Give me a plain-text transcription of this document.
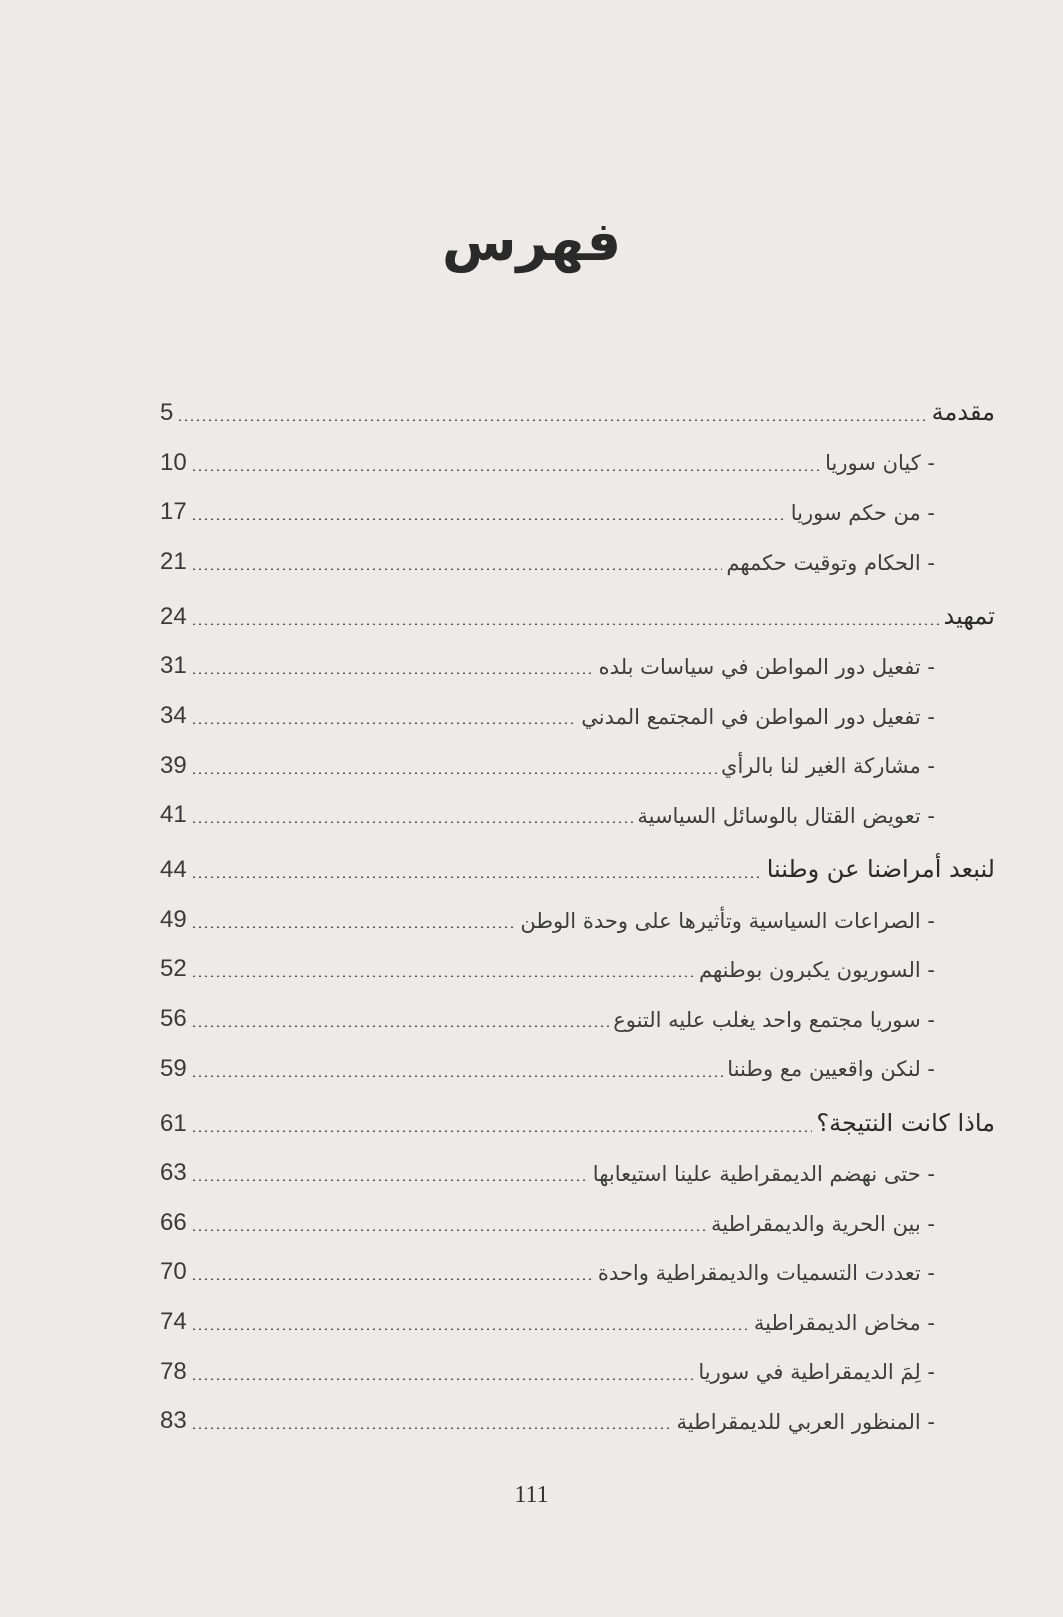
فهرس
5	مقدمة
10	- كيان سوريا
17	- من حكم سوريا
21	- الحكام وتوقيت حكمهم
24	تمهيد
31	- تفعيل دور المواطن في سياسات بلده
34	- تفعيل دور المواطن في المجتمع المدني
39	- مشاركة الغير لنا بالرأي
41	- تعويض القتال بالوسائل السياسية
44	لنبعد أمراضنا عن وطننا
49	- الصراعات السياسية وتأثيرها على وحدة الوطن
52	- السوريون يكبرون بوطنهم
56	- سوريا مجتمع واحد يغلب عليه التنوع
59	- لنكن واقعيين مع وطننا
61	ماذا كانت النتيجة؟
63	- حتى نهضم الديمقراطية علينا استيعابها
66	- بين الحرية والديمقراطية
70	- تعددت التسميات والديمقراطية واحدة
74	- مخاض الديمقراطية
78	- لِمَ الديمقراطية في سوريا
83	- المنظور العربي للديمقراطية
111
